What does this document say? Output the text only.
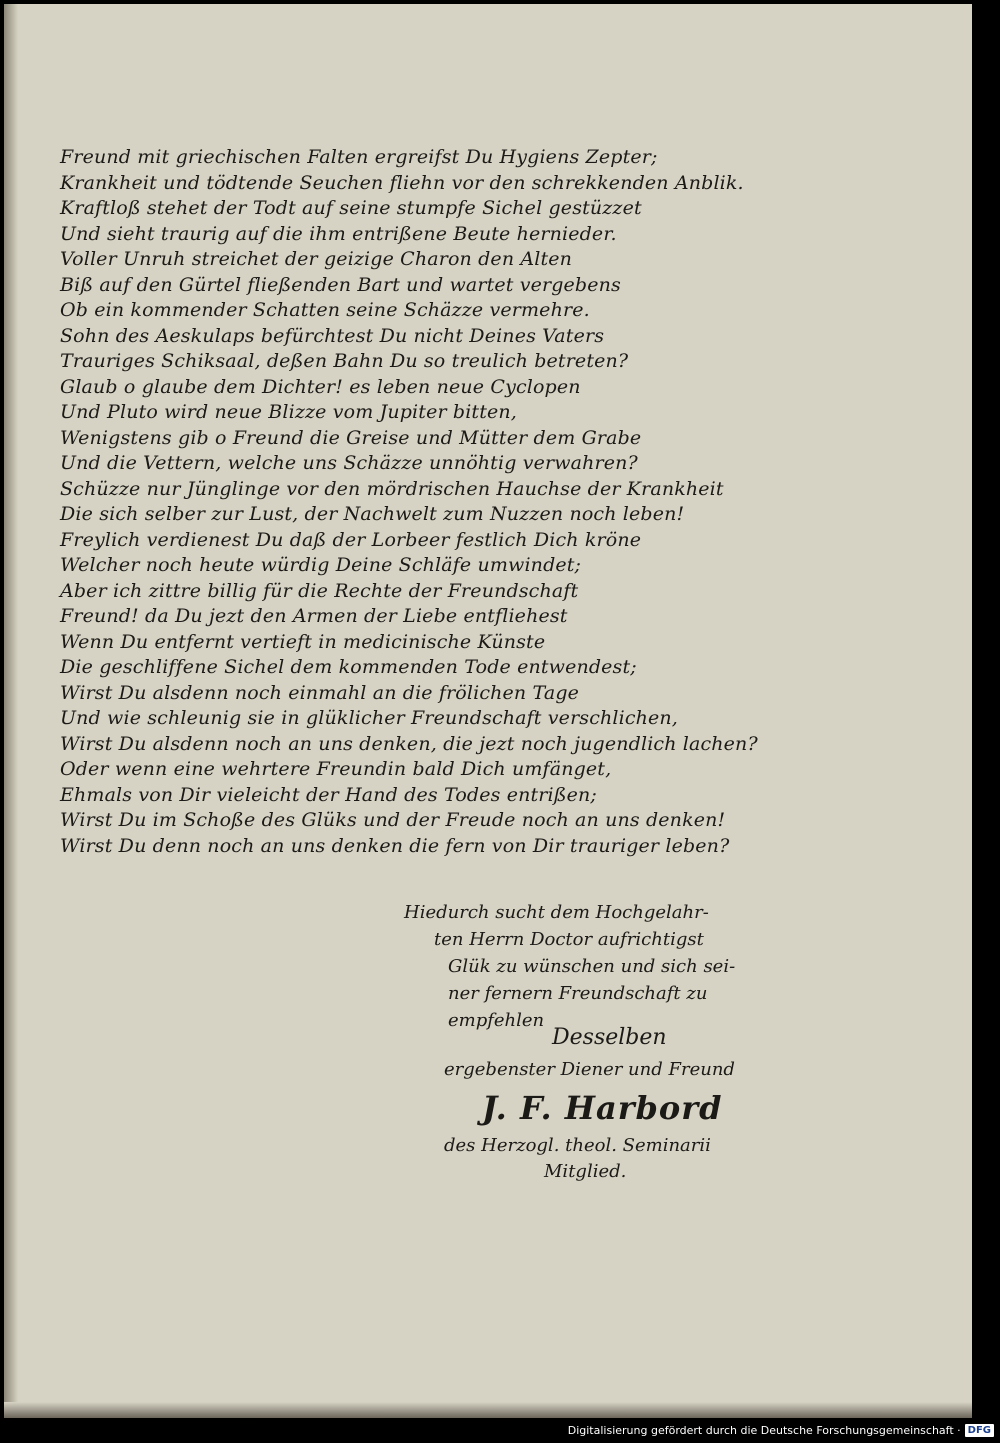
Freund mit griechischen Falten ergreifst Du Hygiens Zepter;
Krankheit und tödtende Seuchen fliehn vor den schrekkenden Anblik.
Kraftloß stehet der Todt auf seine stumpfe Sichel gestüzzet
Und sieht traurig auf die ihm entrißene Beute hernieder.
Voller Unruh streichet der geizige Charon den Alten
Biß auf den Gürtel fließenden Bart und wartet vergebens
Ob ein kommender Schatten seine Schäzze vermehre.
Sohn des Aeskulaps befürchtest Du nicht Deines Vaters
Trauriges Schiksaal, deßen Bahn Du so treulich betreten?
Glaub o glaube dem Dichter! es leben neue Cyclopen
Und Pluto wird neue Blizze vom Jupiter bitten,
Wenigstens gib o Freund die Greise und Mütter dem Grabe
Und die Vettern, welche uns Schäzze unnöhtig verwahren?
Schüzze nur Jünglinge vor den mördrischen Hauchse der Krankheit
Die sich selber zur Lust, der Nachwelt zum Nuzzen noch leben!
Freylich verdienest Du daß der Lorbeer festlich Dich kröne
Welcher noch heute würdig Deine Schläfe umwindet;
Aber ich zittre billig für die Rechte der Freundschaft
Freund! da Du jezt den Armen der Liebe entfliehest
Wenn Du entfernt vertieft in medicinische Künste
Die geschliffene Sichel dem kommenden Tode entwendest;
Wirst Du alsdenn noch einmahl an die frölichen Tage
Und wie schleunig sie in glüklicher Freundschaft verschlichen,
Wirst Du alsdenn noch an uns denken, die jezt noch jugendlich lachen?
Oder wenn eine wehrtere Freundin bald Dich umfänget,
Ehmals von Dir vieleicht der Hand des Todes entrißen;
Wirst Du im Schoße des Glüks und der Freude noch an uns denken!
Wirst Du denn noch an uns denken die fern von Dir trauriger leben?
Hiedurch sucht dem Hochgelahr-
ten Herrn Doctor aufrichtigst
Glük zu wünschen und sich sei-
ner fernern Freundschaft zu
empfehlen
Desselben
ergebenster Diener und Freund
J. F. Harbord
des Herzogl. theol. Seminarii
Mitglied.
Digitalisierung gefördert durch die Deutsche Forschungsgemeinschaft · DFG
